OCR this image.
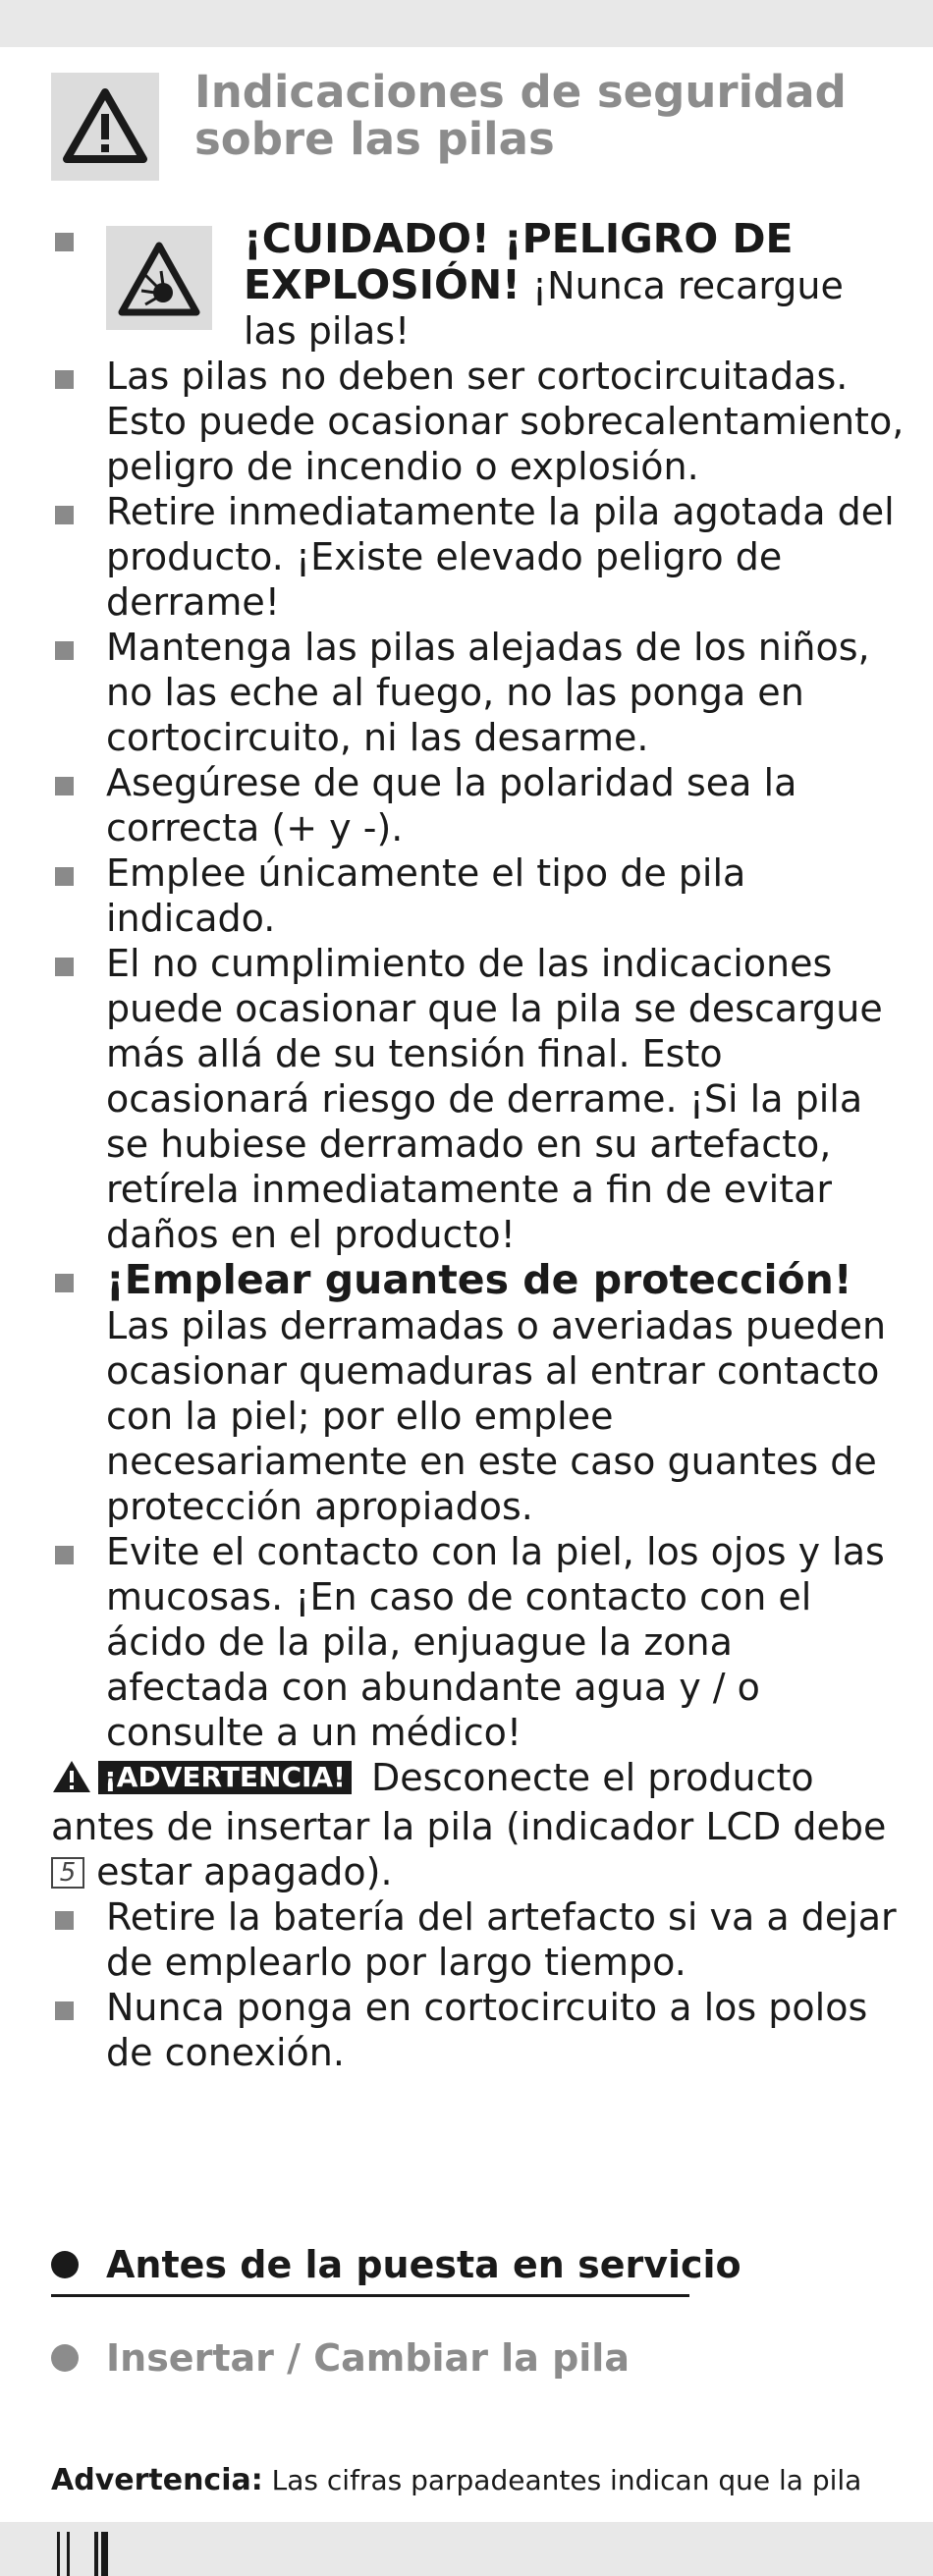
Indicaciones de seguridad
sobre las pilas

¡CUIDADO! ¡PELIGRO DE EXPLOSIÓN! ¡Nunca recargue las pilas!

Las pilas no deben ser cortocircuitadas. Esto puede ocasionar sobrecalentamiento, peligro de incendio o explosión.

Retire inmediatamente la pila agotada del producto. ¡Existe elevado peligro de derrame!

Mantenga las pilas alejadas de los niños, no las eche al fuego, no las ponga en cortocircuito, ni las desarme.

Asegúrese de que la polaridad sea la correcta (+ y -).

Emplee únicamente el tipo de pila indicado.

El no cumplimiento de las indicaciones puede ocasionar que la pila se descargue más allá de su tensión final. Esto ocasionará riesgo de derrame. ¡Si la pila se hubiese derramado en su artefacto, retírela inmediatamente a fin de evitar daños en el producto!

¡Emplear guantes de protección!
Las pilas derramadas o averiadas pueden ocasionar quemaduras al entrar contacto con la piel; por ello emplee necesariamente en este caso guantes de protección apropiados.

Evite el contacto con la piel, los ojos y las mucosas. ¡En caso de contacto con el ácido de la pila, enjuague la zona afectada con abundante agua y / o consulte a un médico!

¡ADVERTENCIA! Desconecte el producto antes de insertar la pila (indicador LCD debe 5 estar apagado).

Retire la batería del artefacto si va a dejar de emplearlo por largo tiempo.

Nunca ponga en cortocircuito a los polos de conexión.

Antes de la puesta en servicio
Insertar / Cambiar la pila

Advertencia: Las cifras parpadeantes indican que la pila
